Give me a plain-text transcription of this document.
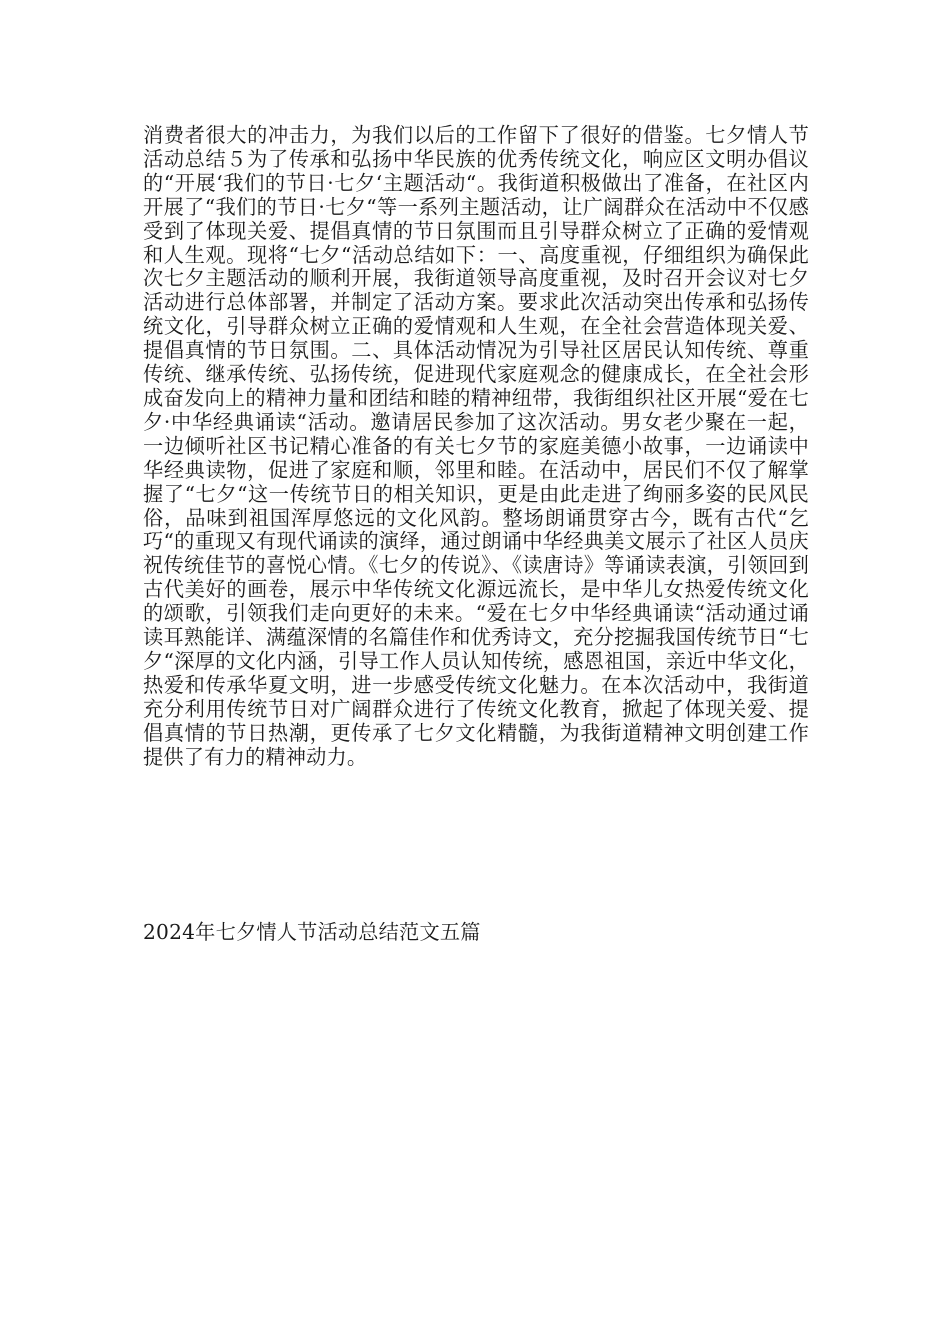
消费者很大的冲击力，为我们以后的工作留下了很好的借鉴。七夕情人节活动总结５为了传承和弘扬中华民族的优秀传统文化，响应区文明办倡议的“开展‘我们的节日·七夕‘主题活动“。我街道积极做出了准备，在社区内开展了“我们的节日·七夕“等一系列主题活动，让广阔群众在活动中不仅感受到了体现关爱、提倡真情的节日氛围而且引导群众树立了正确的爱情观和人生观。现将“七夕“活动总结如下：一、高度重视，仔细组织为确保此次七夕主题活动的顺利开展，我街道领导高度重视，及时召开会议对七夕活动进行总体部署，并制定了活动方案。要求此次活动突出传承和弘扬传统文化，引导群众树立正确的爱情观和人生观，在全社会营造体现关爱、提倡真情的节日氛围。二、具体活动情况为引导社区居民认知传统、尊重传统、继承传统、弘扬传统，促进现代家庭观念的健康成长，在全社会形成奋发向上的精神力量和团结和睦的精神纽带，我街组织社区开展“爱在七夕·中华经典诵读“活动。邀请居民参加了这次活动。男女老少聚在一起，一边倾听社区书记精心准备的有关七夕节的家庭美德小故事，一边诵读中华经典读物，促进了家庭和顺，邻里和睦。在活动中，居民们不仅了解掌握了“七夕“这一传统节日的相关知识，更是由此走进了绚丽多姿的民风民俗，品味到祖国浑厚悠远的文化风韵。整场朗诵贯穿古今，既有古代“乞巧“的重现又有现代诵读的演绎，通过朗诵中华经典美文展示了社区人员庆祝传统佳节的喜悦心情。《七夕的传说》、《读唐诗》等诵读表演，引领回到古代美好的画卷，展示中华传统文化源远流长，是中华儿女热爱传统文化的颂歌，引领我们走向更好的未来。“爱在七夕中华经典诵读“活动通过诵读耳熟能详、满蕴深情的名篇佳作和优秀诗文，充分挖掘我国传统节日“七夕“深厚的文化内涵，引导工作人员认知传统，感恩祖国，亲近中华文化，热爱和传承华夏文明，进一步感受传统文化魅力。在本次活动中，我街道充分利用传统节日对广阔群众进行了传统文化教育，掀起了体现关爱、提倡真情的节日热潮，更传承了七夕文化精髓，为我街道精神文明创建工作提供了有力的精神动力。

2024年七夕情人节活动总结范文五篇
